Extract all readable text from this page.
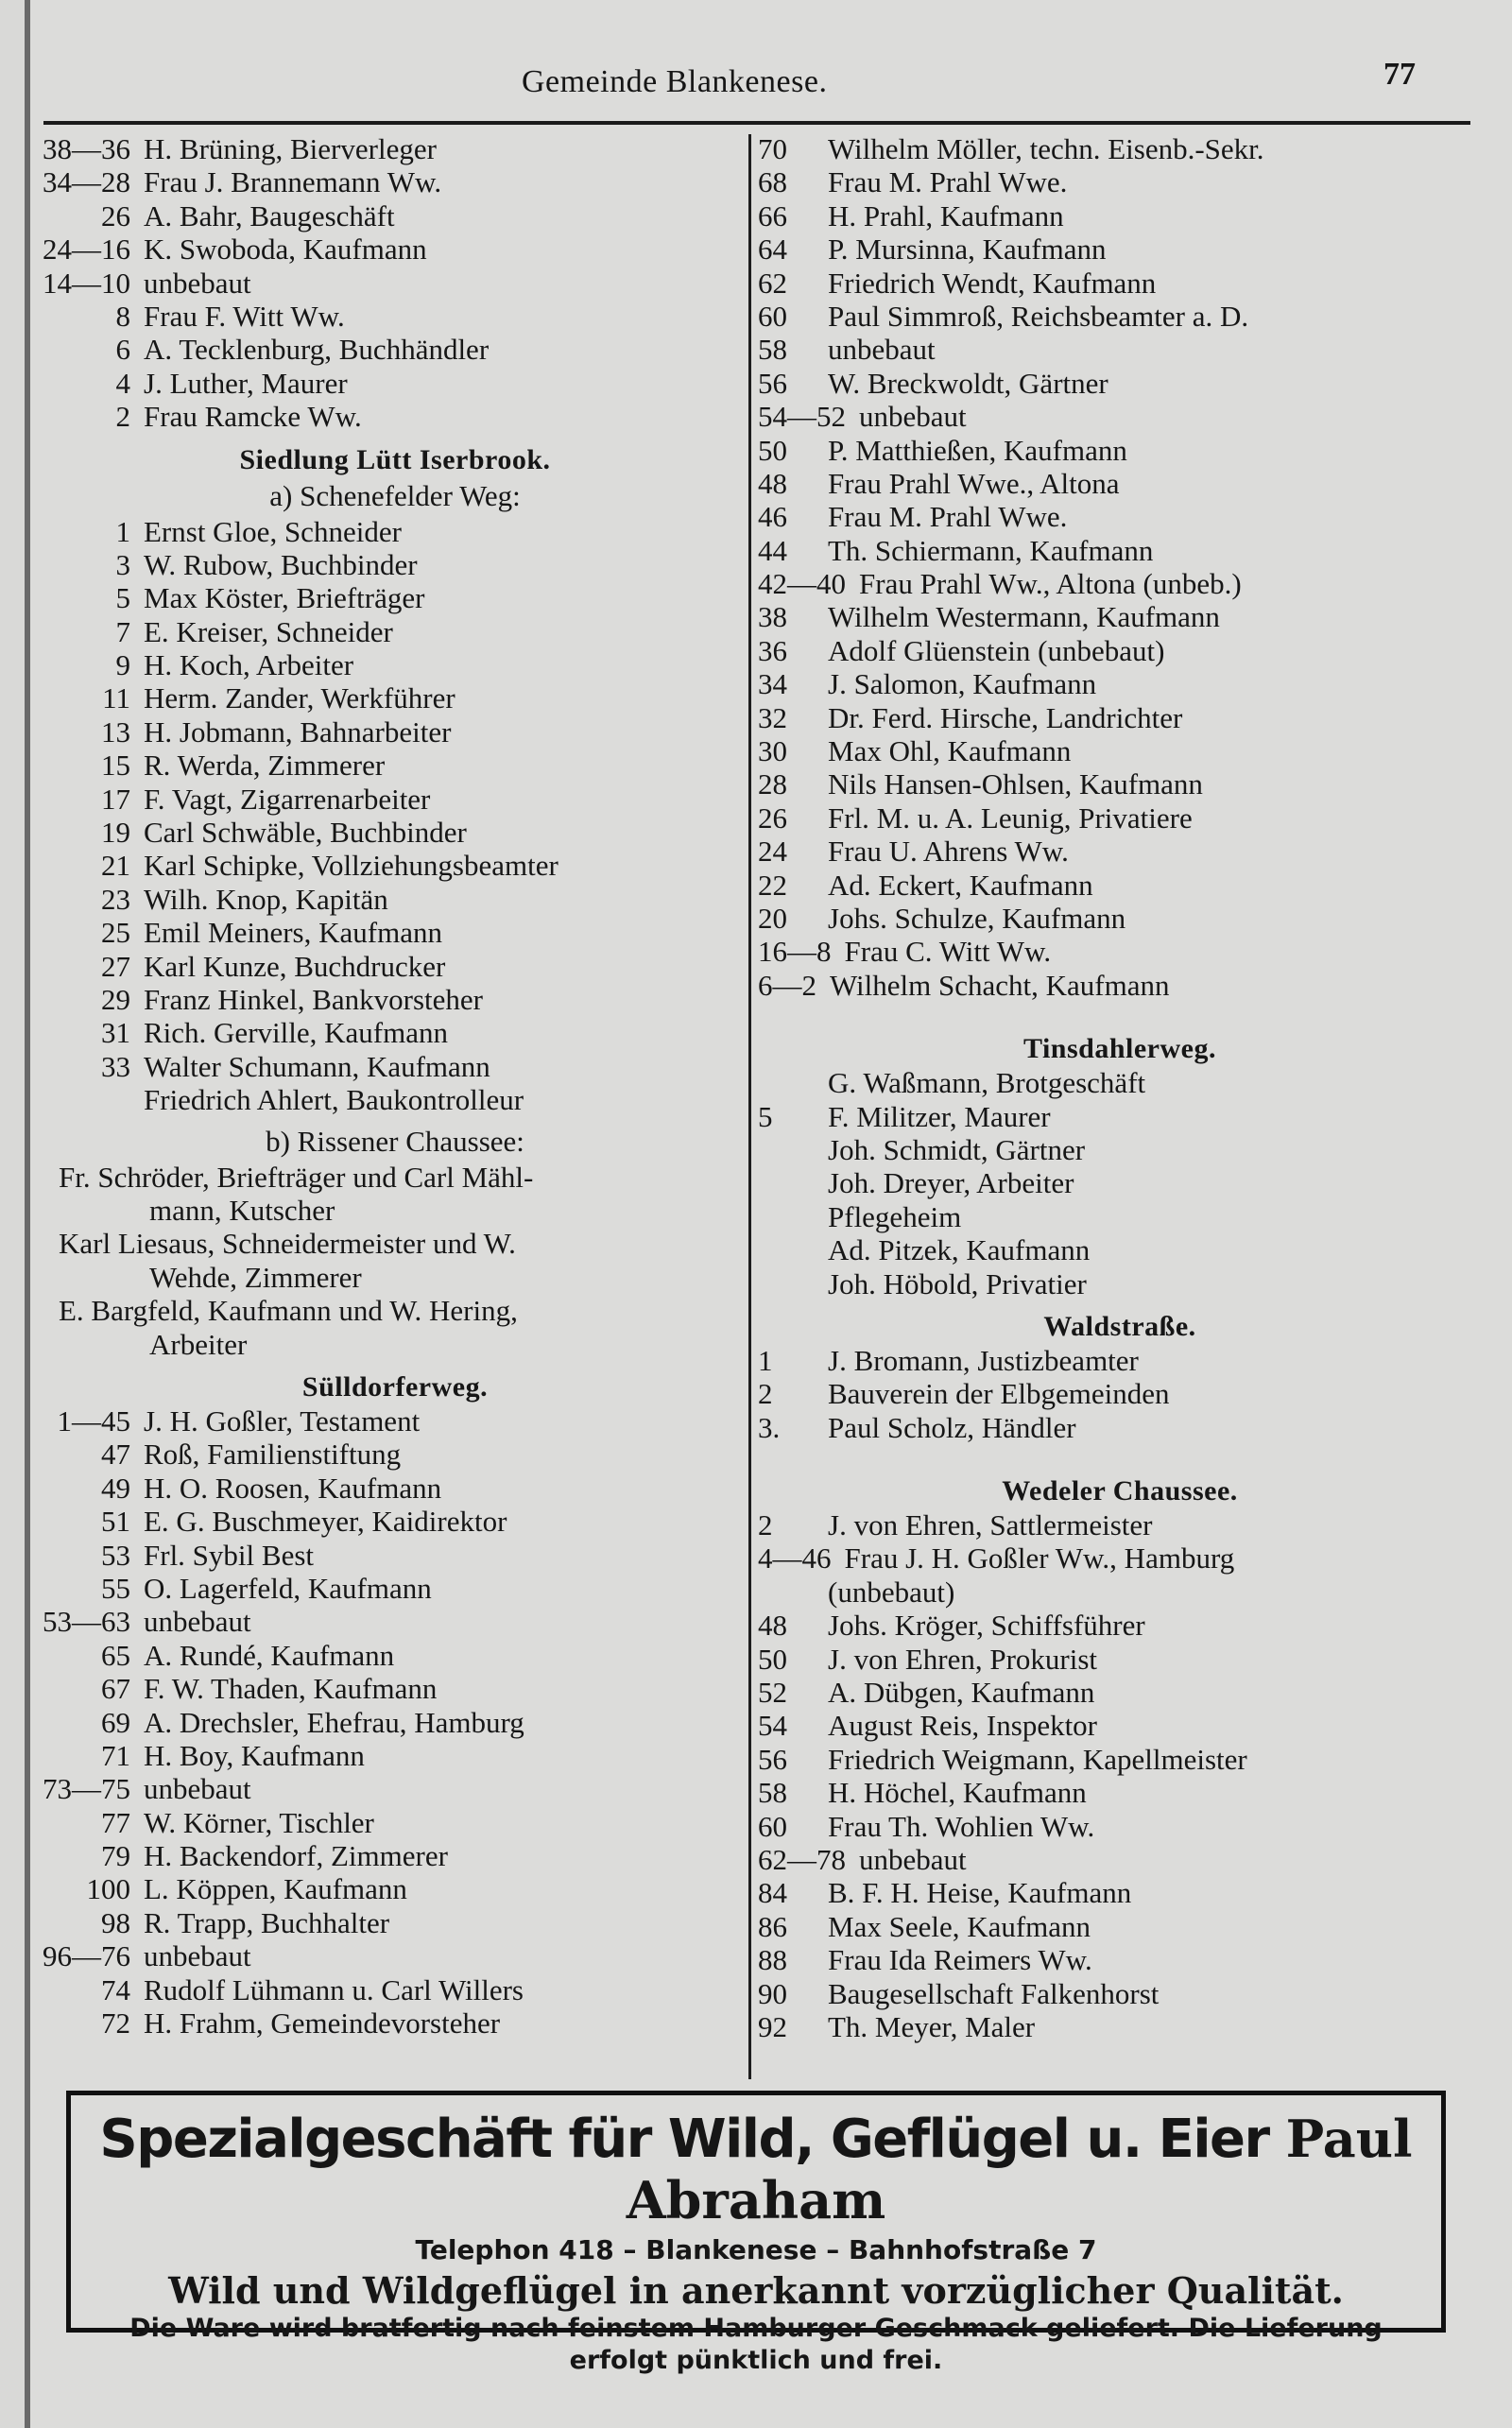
Gemeinde Blankenese.	77
38—36 H. Brüning, Bierverleger
34—28 Frau J. Brannemann Ww.
26 A. Bahr, Baugeschäft
24—16 K. Swoboda, Kaufmann
14—10 unbebaut
8 Frau F. Witt Ww.
6 A. Tecklenburg, Buchhändler
4 J. Luther, Maurer
2 Frau Ramcke Ww.
Siedlung Lütt Iserbrook.
a) Schenefelder Weg:
1 Ernst Gloe, Schneider
3 W. Rubow, Buchbinder
5 Max Köster, Briefträger
7 E. Kreiser, Schneider
9 H. Koch, Arbeiter
11 Herm. Zander, Werkführer
13 H. Jobmann, Bahnarbeiter
15 R. Werda, Zimmerer
17 F. Vagt, Zigarrenarbeiter
19 Carl Schwäble, Buchbinder
21 Karl Schipke, Vollziehungsbeamter
23 Wilh. Knop, Kapitän
25 Emil Meiners, Kaufmann
27 Karl Kunze, Buchdrucker
29 Franz Hinkel, Bankvorsteher
31 Rich. Gerville, Kaufmann
33 Walter Schumann, Kaufmann
Friedrich Ahlert, Baukontrolleur
b) Rissener Chaussee:
Fr. Schröder, Briefträger und Carl Mähl-
mann, Kutscher
Karl Liesaus, Schneidermeister und W.
Wehde, Zimmerer
E. Bargfeld, Kaufmann und W. Hering,
Arbeiter
Sülldorferweg.
1—45 J. H. Goßler, Testament
47 Roß, Familienstiftung
49 H. O. Roosen, Kaufmann
51 E. G. Buschmeyer, Kaidirektor
53 Frl. Sybil Best
55 O. Lagerfeld, Kaufmann
53—63 unbebaut
65 A. Rundé, Kaufmann
67 F. W. Thaden, Kaufmann
69 A. Drechsler, Ehefrau, Hamburg
71 H. Boy, Kaufmann
73—75 unbebaut
77 W. Körner, Tischler
79 H. Backendorf, Zimmerer
100 L. Köppen, Kaufmann
98 R. Trapp, Buchhalter
96—76 unbebaut
74 Rudolf Lühmann u. Carl Willers
72 H. Frahm, Gemeindevorsteher
70 Wilhelm Möller, techn. Eisenb.-Sekr.
68 Frau M. Prahl Wwe.
66 H. Prahl, Kaufmann
64 P. Mursinna, Kaufmann
62 Friedrich Wendt, Kaufmann
60 Paul Simmroß, Reichsbeamter a. D.
58 unbebaut
56 W. Breckwoldt, Gärtner
54—52 unbebaut
50 P. Matthießen, Kaufmann
48 Frau Prahl Wwe., Altona
46 Frau M. Prahl Wwe.
44 Th. Schiermann, Kaufmann
42—40 Frau Prahl Ww., Altona (unbeb.)
38 Wilhelm Westermann, Kaufmann
36 Adolf Glüenstein (unbebaut)
34 J. Salomon, Kaufmann
32 Dr. Ferd. Hirsche, Landrichter
30 Max Ohl, Kaufmann
28 Nils Hansen-Ohlsen, Kaufmann
26 Frl. M. u. A. Leunig, Privatiere
24 Frau U. Ahrens Ww.
22 Ad. Eckert, Kaufmann
20 Johs. Schulze, Kaufmann
16—8 Frau C. Witt Ww.
6—2 Wilhelm Schacht, Kaufmann
Tinsdahlerweg.
G. Waßmann, Brotgeschäft
5 F. Militzer, Maurer
Joh. Schmidt, Gärtner
Joh. Dreyer, Arbeiter
Pflegeheim
Ad. Pitzek, Kaufmann
Joh. Höbold, Privatier
Waldstraße.
1 J. Bromann, Justizbeamter
2 Bauverein der Elbgemeinden
3. Paul Scholz, Händler
Wedeler Chaussee.
2 J. von Ehren, Sattlermeister
4—46 Frau J. H. Goßler Ww., Hamburg
(unbebaut)
48 Johs. Kröger, Schiffsführer
50 J. von Ehren, Prokurist
52 A. Dübgen, Kaufmann
54 August Reis, Inspektor
56 Friedrich Weigmann, Kapellmeister
58 H. Höchel, Kaufmann
60 Frau Th. Wohlien Ww.
62—78 unbebaut
84 B. F. H. Heise, Kaufmann
86 Max Seele, Kaufmann
88 Frau Ida Reimers Ww.
90 Baugesellschaft Falkenhorst
92 Th. Meyer, Maler
Spezialgeschäft für Wild, Geflügel u. Eier Paul Abraham
Telephon 418 – Blankenese – Bahnhofstraße 7
Wild und Wildgeflügel in anerkannt vorzüglicher Qualität.
Die Ware wird bratfertig nach feinstem Hamburger Geschmack geliefert. Die Lieferung
erfolgt pünktlich und frei.
